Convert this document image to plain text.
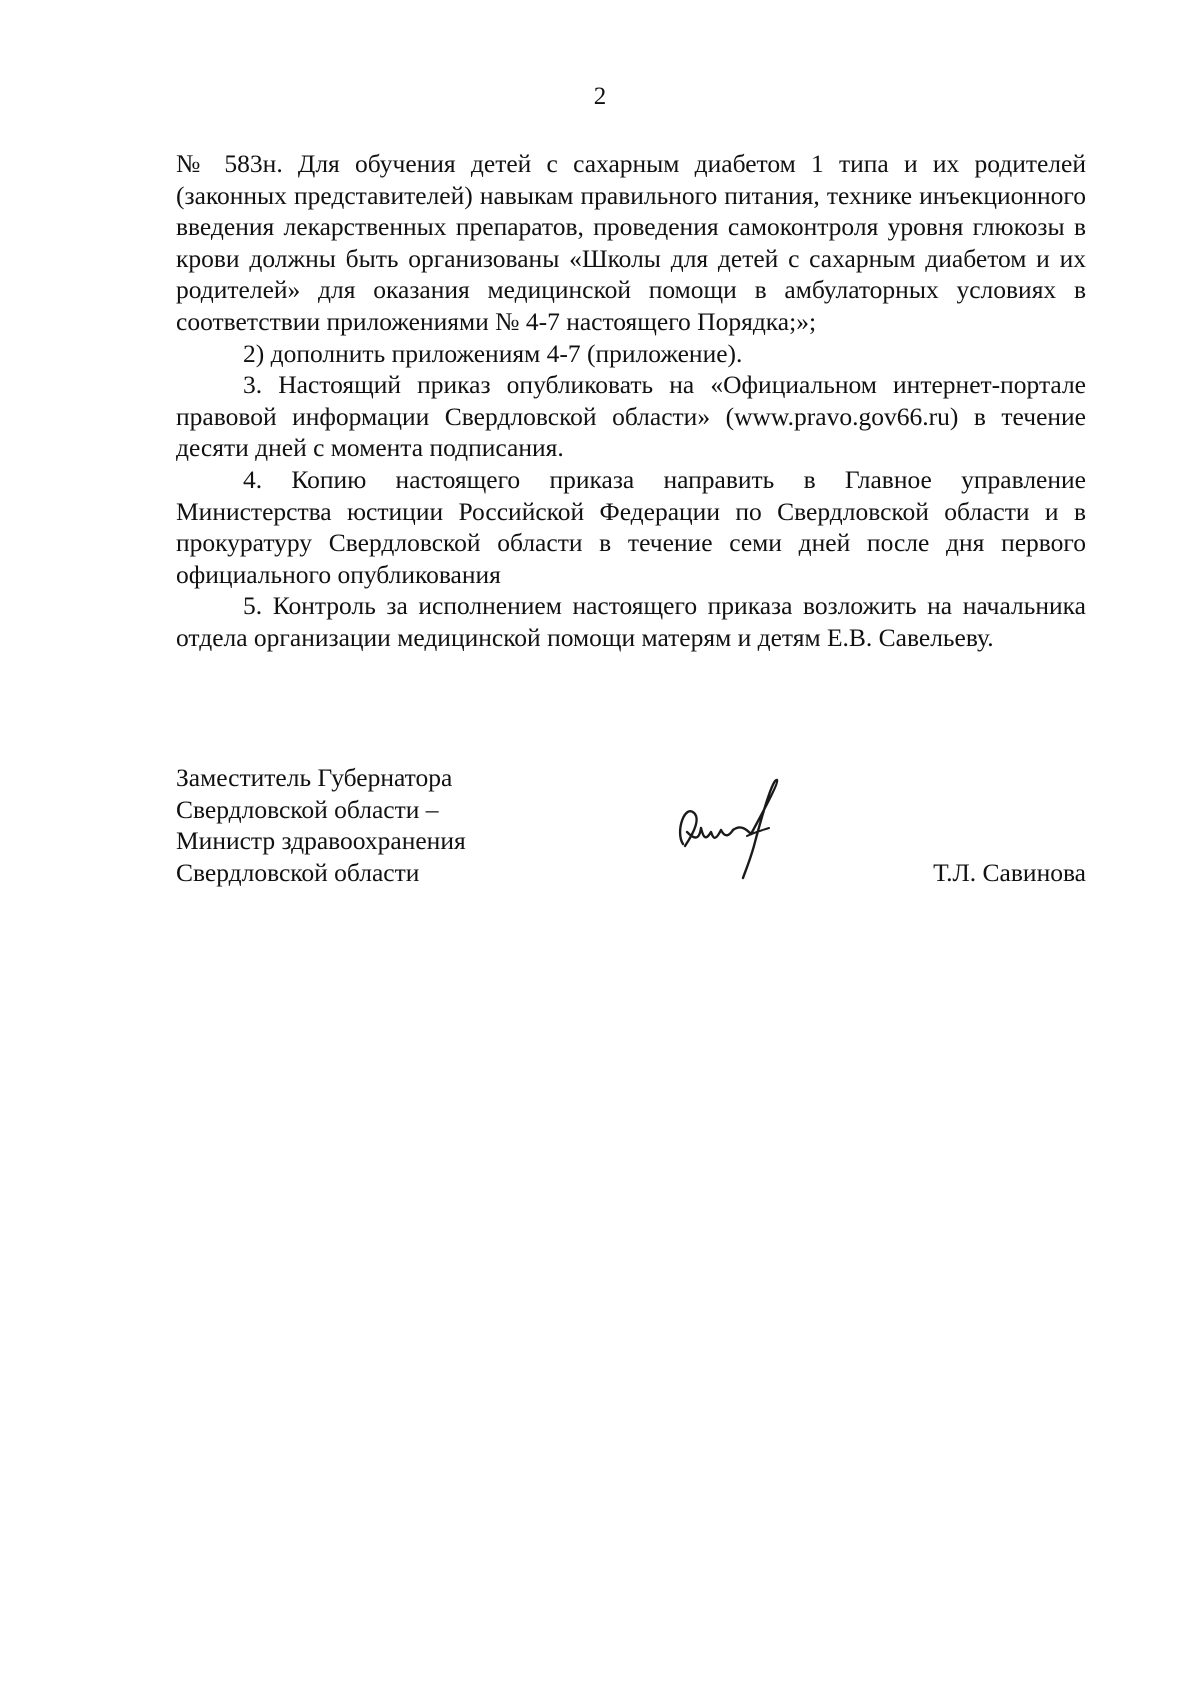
2

№ 583н. Для обучения детей с сахарным диабетом 1 типа и их родителей (законных представителей) навыкам правильного питания, технике инъекционного введения лекарственных препаратов, проведения самоконтроля уровня глюкозы в крови должны быть организованы «Школы для детей с сахарным диабетом и их родителей» для оказания медицинской помощи в амбулаторных условиях в соответствии приложениями № 4-7 настоящего Порядка;»;

2) дополнить приложениям 4-7 (приложение).

3. Настоящий приказ опубликовать на «Официальном интернет-портале правовой информации Свердловской области» (www.pravo.gov66.ru) в течение десяти дней с момента подписания.

4. Копию настоящего приказа направить в Главное управление Министерства юстиции Российской Федерации по Свердловской области и в прокуратуру Свердловской области в течение семи дней после дня первого официального опубликования

5. Контроль за исполнением настоящего приказа возложить на начальника отдела организации медицинской помощи матерям и детям Е.В. Савельеву.

Заместитель Губернатора
Свердловской области –
Министр здравоохранения
Свердловской области	Т.Л. Савинова
